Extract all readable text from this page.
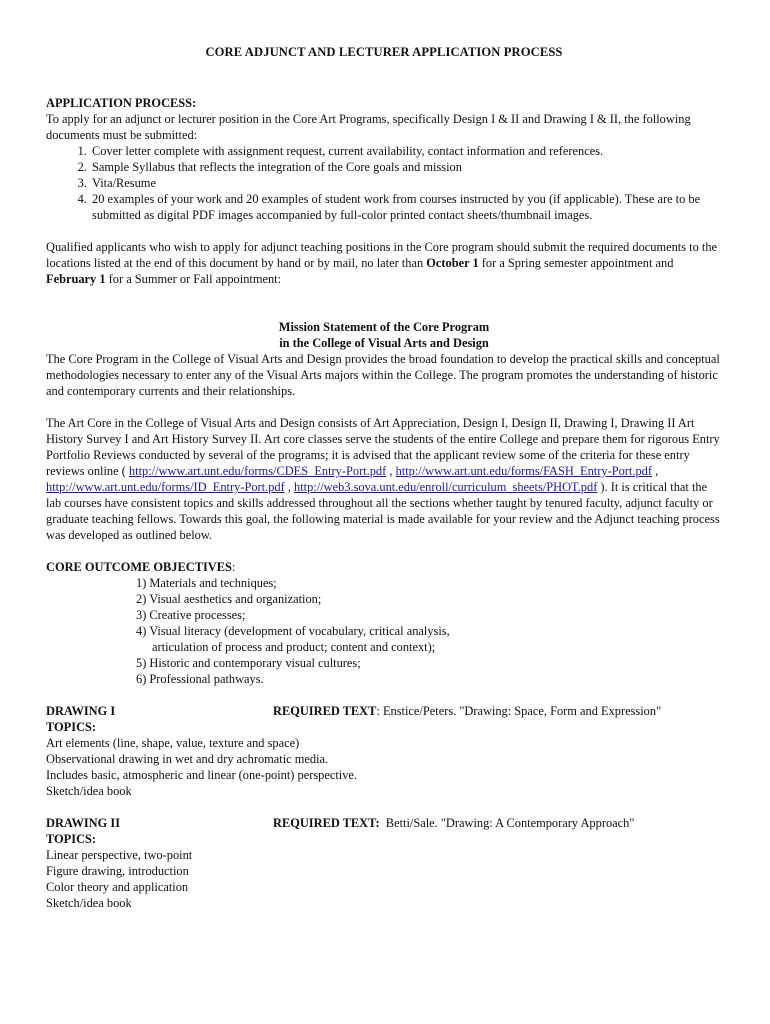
CORE ADJUNCT AND LECTURER APPLICATION PROCESS

APPLICATION PROCESS:

To apply for an adjunct or lecturer position in the Core Art Programs, specifically Design I & II and Drawing I & II, the following documents must be submitted:

1. Cover letter complete with assignment request, current availability, contact information and references.
2. Sample Syllabus that reflects the integration of the Core goals and mission
3. Vita/Resume
4. 20 examples of your work and 20 examples of student work from courses instructed by you (if applicable). These are to be submitted as digital PDF images accompanied by full-color printed contact sheets/thumbnail images.

Qualified applicants who wish to apply for adjunct teaching positions in the Core program should submit the required documents to the locations listed at the end of this document by hand or by mail, no later than October 1 for a Spring semester appointment and February 1 for a Summer or Fall appointment:

Mission Statement of the Core Program

in the College of Visual Arts and Design

The Core Program in the College of Visual Arts and Design provides the broad foundation to develop the practical skills and conceptual methodologies necessary to enter any of the Visual Arts majors within the College. The program promotes the understanding of historic and contemporary currents and their relationships.

The Art Core in the College of Visual Arts and Design consists of Art Appreciation, Design I, Design II, Drawing I, Drawing II Art History Survey I and Art History Survey II. Art core classes serve the students of the entire College and prepare them for rigorous Entry Portfolio Reviews conducted by several of the programs; it is advised that the applicant review some of the criteria for these entry reviews online ( http://www.art.unt.edu/forms/CDES_Entry-Port.pdf , http://www.art.unt.edu/forms/FASH_Entry-Port.pdf , http://www.art.unt.edu/forms/ID_Entry-Port.pdf , http://web3.sova.unt.edu/enroll/curriculum_sheets/PHOT.pdf ). It is critical that the lab courses have consistent topics and skills addressed throughout all the sections whether taught by tenured faculty, adjunct faculty or graduate teaching fellows. Towards this goal, the following material is made available for your review and the Adjunct teaching process was developed as outlined below.

CORE OUTCOME OBJECTIVES:

1) Materials and techniques;
2) Visual aesthetics and organization;
3) Creative processes;
4) Visual literacy (development of vocabulary, critical analysis,
articulation of process and product; content and context);
5) Historic and contemporary visual cultures;
6) Professional pathways.

DRAWING I	REQUIRED TEXT: Enstice/Peters. "Drawing: Space, Form and Expression"

TOPICS:

Art elements (line, shape, value, texture and space)
Observational drawing in wet and dry achromatic media.
Includes basic, atmospheric and linear (one-point) perspective.
Sketch/idea book

DRAWING II	REQUIRED TEXT:  Betti/Sale. "Drawing: A Contemporary Approach"

TOPICS:

Linear perspective, two-point
Figure drawing, introduction
Color theory and application
Sketch/idea book
